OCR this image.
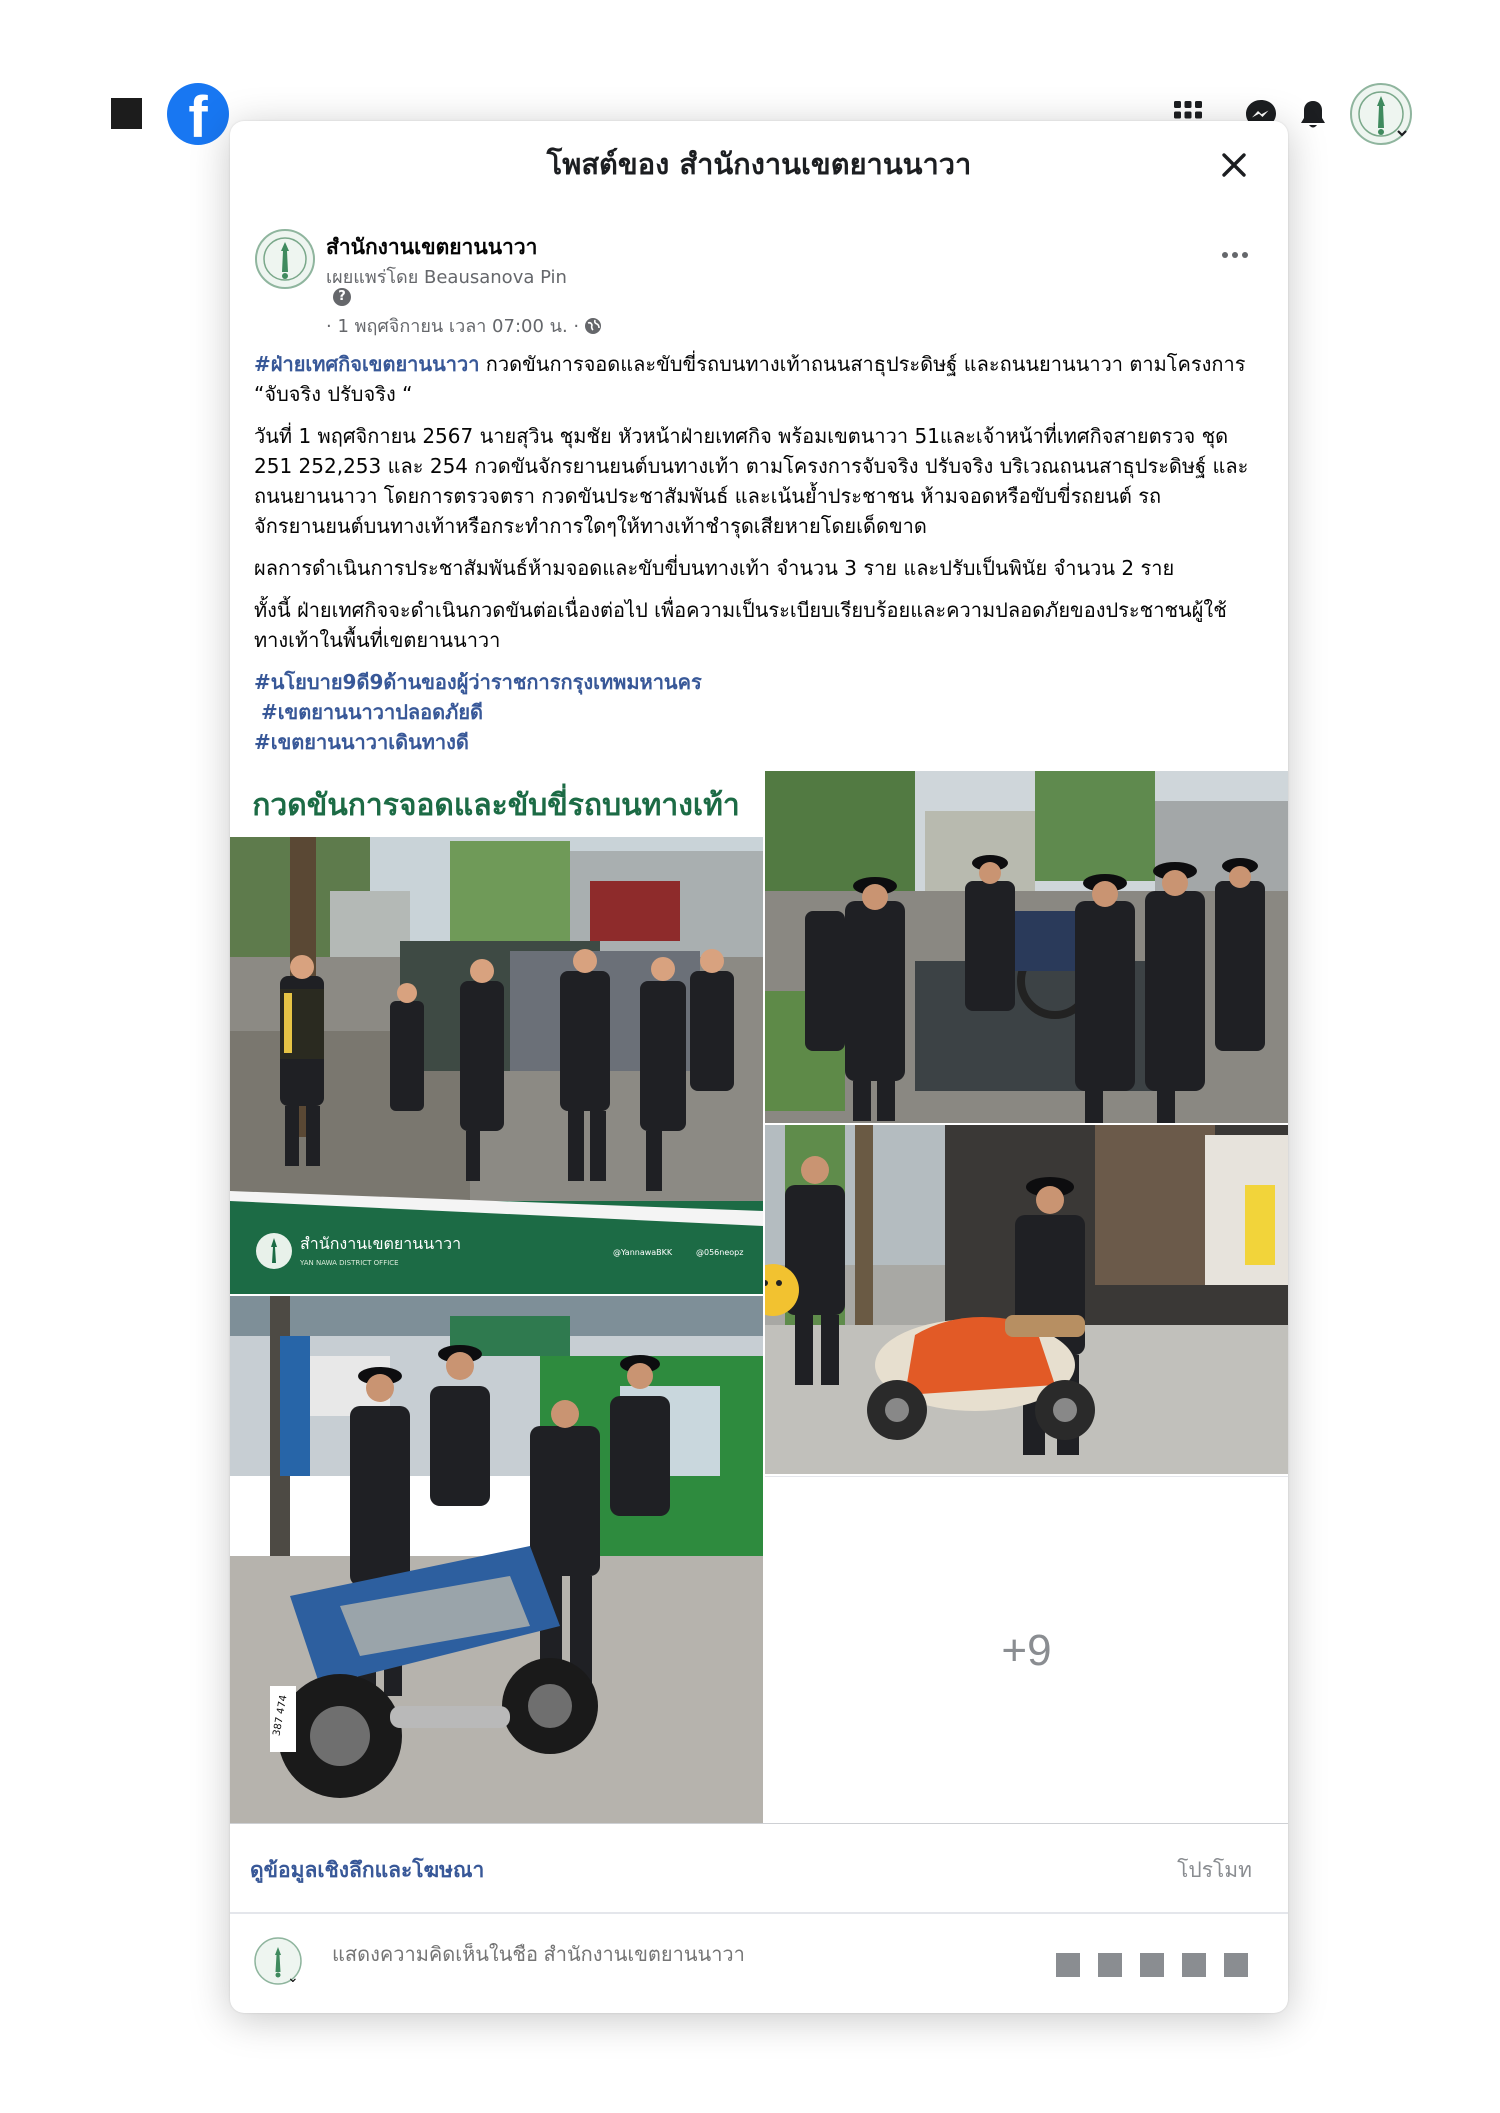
f
โพสต์ของ สำนักงานเขตยานนาวา
สำนักงานเขตยานนาวา
เผยแพร่โดย Beausanova Pin
?
· 1 พฤศจิกายน เวลา 07:00 น. ·

#ฝ่ายเทศกิจเขตยานนาวา กวดขันการจอดและขับขี่รถบนทางเท้าถนนสาธุประดิษฐ์ และถนนยานนาวา ตามโครงการ “จับจริง ปรับจริง “

วันที่ 1 พฤศจิกายน 2567 นายสุวิน ชุมชัย หัวหน้าฝ่ายเทศกิจ พร้อมเขตนาวา 51และเจ้าหน้าที่เทศกิจสายตรวจ ชุด 251 252,253 และ 254 กวดขันจักรยานยนต์บนทางเท้า ตามโครงการจับจริง ปรับจริง บริเวณถนนสาธุประดิษฐ์ และถนนยานนาวา โดยการตรวจตรา กวดขันประชาสัมพันธ์ และเน้นย้ำประชาชน ห้ามจอดหรือขับขี่รถยนต์ รถจักรยานยนต์บนทางเท้าหรือกระทำการใดๆให้ทางเท้าชำรุดเสียหายโดยเด็ดขาด

ผลการดำเนินการประชาสัมพันธ์ห้ามจอดและขับขี่บนทางเท้า จำนวน 3 ราย และปรับเป็นพินัย จำนวน 2 ราย

ทั้งนี้ ฝ่ายเทศกิจจะดำเนินกวดขันต่อเนื่องต่อไป เพื่อความเป็นระเบียบเรียบร้อยและความปลอดภัยของประชาชนผู้ใช้ทางเท้าในพื้นที่เขตยานนาวา

#นโยบาย9ดี9ด้านของผู้ว่าราชการกรุงเทพมหานคร
#เขตยานนาวาปลอดภัยดี
#เขตยานนาวาเดินทางดี
กวดขันการจอดและขับขี่รถบนทางเท้า
สำนักงานเขตยานนาวา
YAN NAWA DISTRICT OFFICE
@YannawaBKK	@056neopz
387 474
+9
ดูข้อมูลเชิงลึกและโฆษณา	โปรโมท
⌄
แสดงความคิดเห็นในชื่อ สำนักงานเขตยานนาวา
